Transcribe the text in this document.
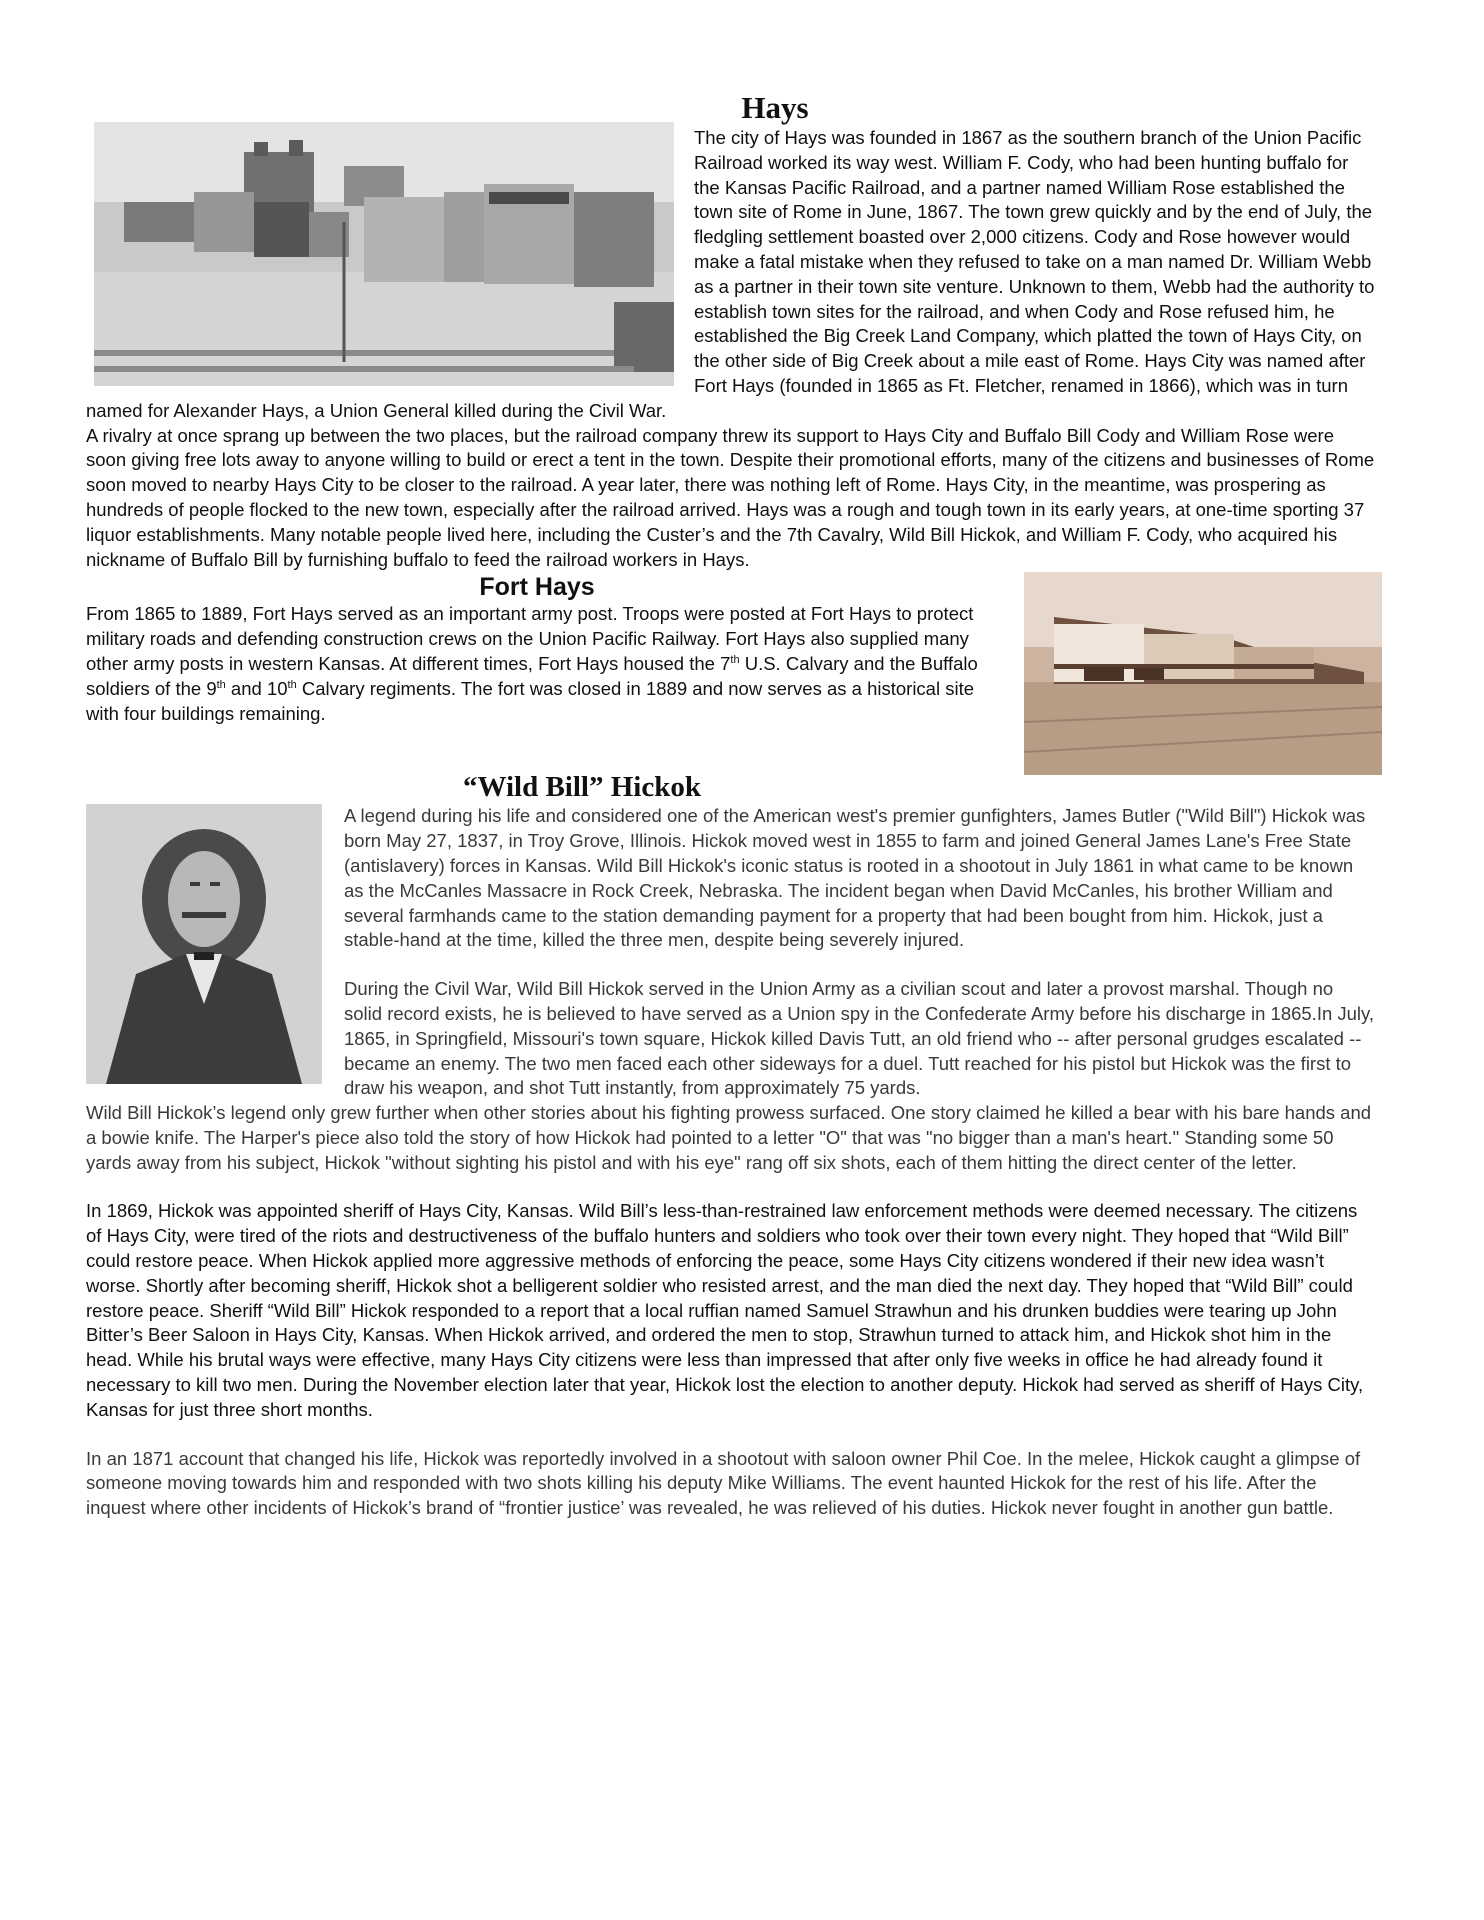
Hays

The city of Hays was founded in 1867 as the southern branch of the Union Pacific Railroad worked its way west. William F. Cody, who had been hunting buffalo for the Kansas Pacific Railroad, and a partner named William Rose established the town site of Rome in June, 1867. The town grew quickly and by the end of July, the fledgling settlement boasted over 2,000 citizens. Cody and Rose however would make a fatal mistake when they refused to take on a man named Dr. William Webb as a partner in their town site venture. Unknown to them, Webb had the authority to establish town sites for the railroad, and when Cody and Rose refused him, he established the Big Creek Land Company, which platted the town of Hays City, on the other side of Big Creek about a mile east of Rome. Hays City was named after Fort Hays (founded in 1865 as Ft. Fletcher, renamed in 1866), which was in turn named for Alexander Hays, a Union General killed during the Civil War.

A rivalry at once sprang up between the two places, but the railroad company threw its support to Hays City and Buffalo Bill Cody and William Rose were soon giving free lots away to anyone willing to build or erect a tent in the town. Despite their promotional efforts, many of the citizens and businesses of Rome soon moved to nearby Hays City to be closer to the railroad. A year later, there was nothing left of Rome. Hays City, in the meantime, was prospering as hundreds of people flocked to the new town, especially after the railroad arrived. Hays was a rough and tough town in its early years, at one-time sporting 37 liquor establishments. Many notable people lived here, including the Custer’s and the 7th Cavalry, Wild Bill Hickok, and William F. Cody, who acquired his nickname of Buffalo Bill by furnishing buffalo to feed the railroad workers in Hays.

Fort Hays

From 1865 to 1889, Fort Hays served as an important army post. Troops were posted at Fort Hays to protect military roads and defending construction crews on the Union Pacific Railway. Fort Hays also supplied many other army posts in western Kansas. At different times, Fort Hays housed the 7th U.S. Calvary and the Buffalo soldiers of the 9th and 10th Calvary regiments. The fort was closed in 1889 and now serves as a historical site with four buildings remaining.

“Wild Bill” Hickok

A legend during his life and considered one of the American west's premier gunfighters, James Butler ("Wild Bill") Hickok was born May 27, 1837, in Troy Grove, Illinois. Hickok moved west in 1855 to farm and joined General James Lane's Free State (antislavery) forces in Kansas. Wild Bill Hickok's iconic status is rooted in a shootout in July 1861 in what came to be known as the McCanles Massacre in Rock Creek, Nebraska. The incident began when David McCanles, his brother William and several farmhands came to the station demanding payment for a property that had been bought from him. Hickok, just a stable-hand at the time, killed the three men, despite being severely injured.

During the Civil War, Wild Bill Hickok served in the Union Army as a civilian scout and later a provost marshal. Though no solid record exists, he is believed to have served as a Union spy in the Confederate Army before his discharge in 1865.In July, 1865, in Springfield, Missouri's town square, Hickok killed Davis Tutt, an old friend who -- after personal grudges escalated -- became an enemy. The two men faced each other sideways for a duel. Tutt reached for his pistol but Hickok was the first to draw his weapon, and shot Tutt instantly, from approximately 75 yards.

Wild Bill Hickok’s legend only grew further when other stories about his fighting prowess surfaced. One story claimed he killed a bear with his bare hands and a bowie knife. The Harper's piece also told the story of how Hickok had pointed to a letter "O" that was "no bigger than a man's heart." Standing some 50 yards away from his subject, Hickok "without sighting his pistol and with his eye" rang off six shots, each of them hitting the direct center of the letter.

In 1869, Hickok was appointed sheriff of Hays City, Kansas. Wild Bill’s less-than-restrained law enforcement methods were deemed necessary. The citizens of Hays City, were tired of the riots and destructiveness of the buffalo hunters and soldiers who took over their town every night. They hoped that “Wild Bill” could restore peace. When Hickok applied more aggressive methods of enforcing the peace, some Hays City citizens wondered if their new idea wasn’t worse. Shortly after becoming sheriff, Hickok shot a belligerent soldier who resisted arrest, and the man died the next day. They hoped that “Wild Bill” could restore peace. Sheriff “Wild Bill” Hickok responded to a report that a local ruffian named Samuel Strawhun and his drunken buddies were tearing up John Bitter’s Beer Saloon in Hays City, Kansas. When Hickok arrived, and ordered the men to stop, Strawhun turned to attack him, and Hickok shot him in the head. While his brutal ways were effective, many Hays City citizens were less than impressed that after only five weeks in office he had already found it necessary to kill two men. During the November election later that year, Hickok lost the election to another deputy. Hickok had served as sheriff of Hays City, Kansas for just three short months.

In an 1871 account that changed his life, Hickok was reportedly involved in a shootout with saloon owner Phil Coe. In the melee, Hickok caught a glimpse of someone moving towards him and responded with two shots killing his deputy Mike Williams. The event haunted Hickok for the rest of his life. After the inquest where other incidents of Hickok’s brand of “frontier justice’ was revealed, he was relieved of his duties. Hickok never fought in another gun battle.
